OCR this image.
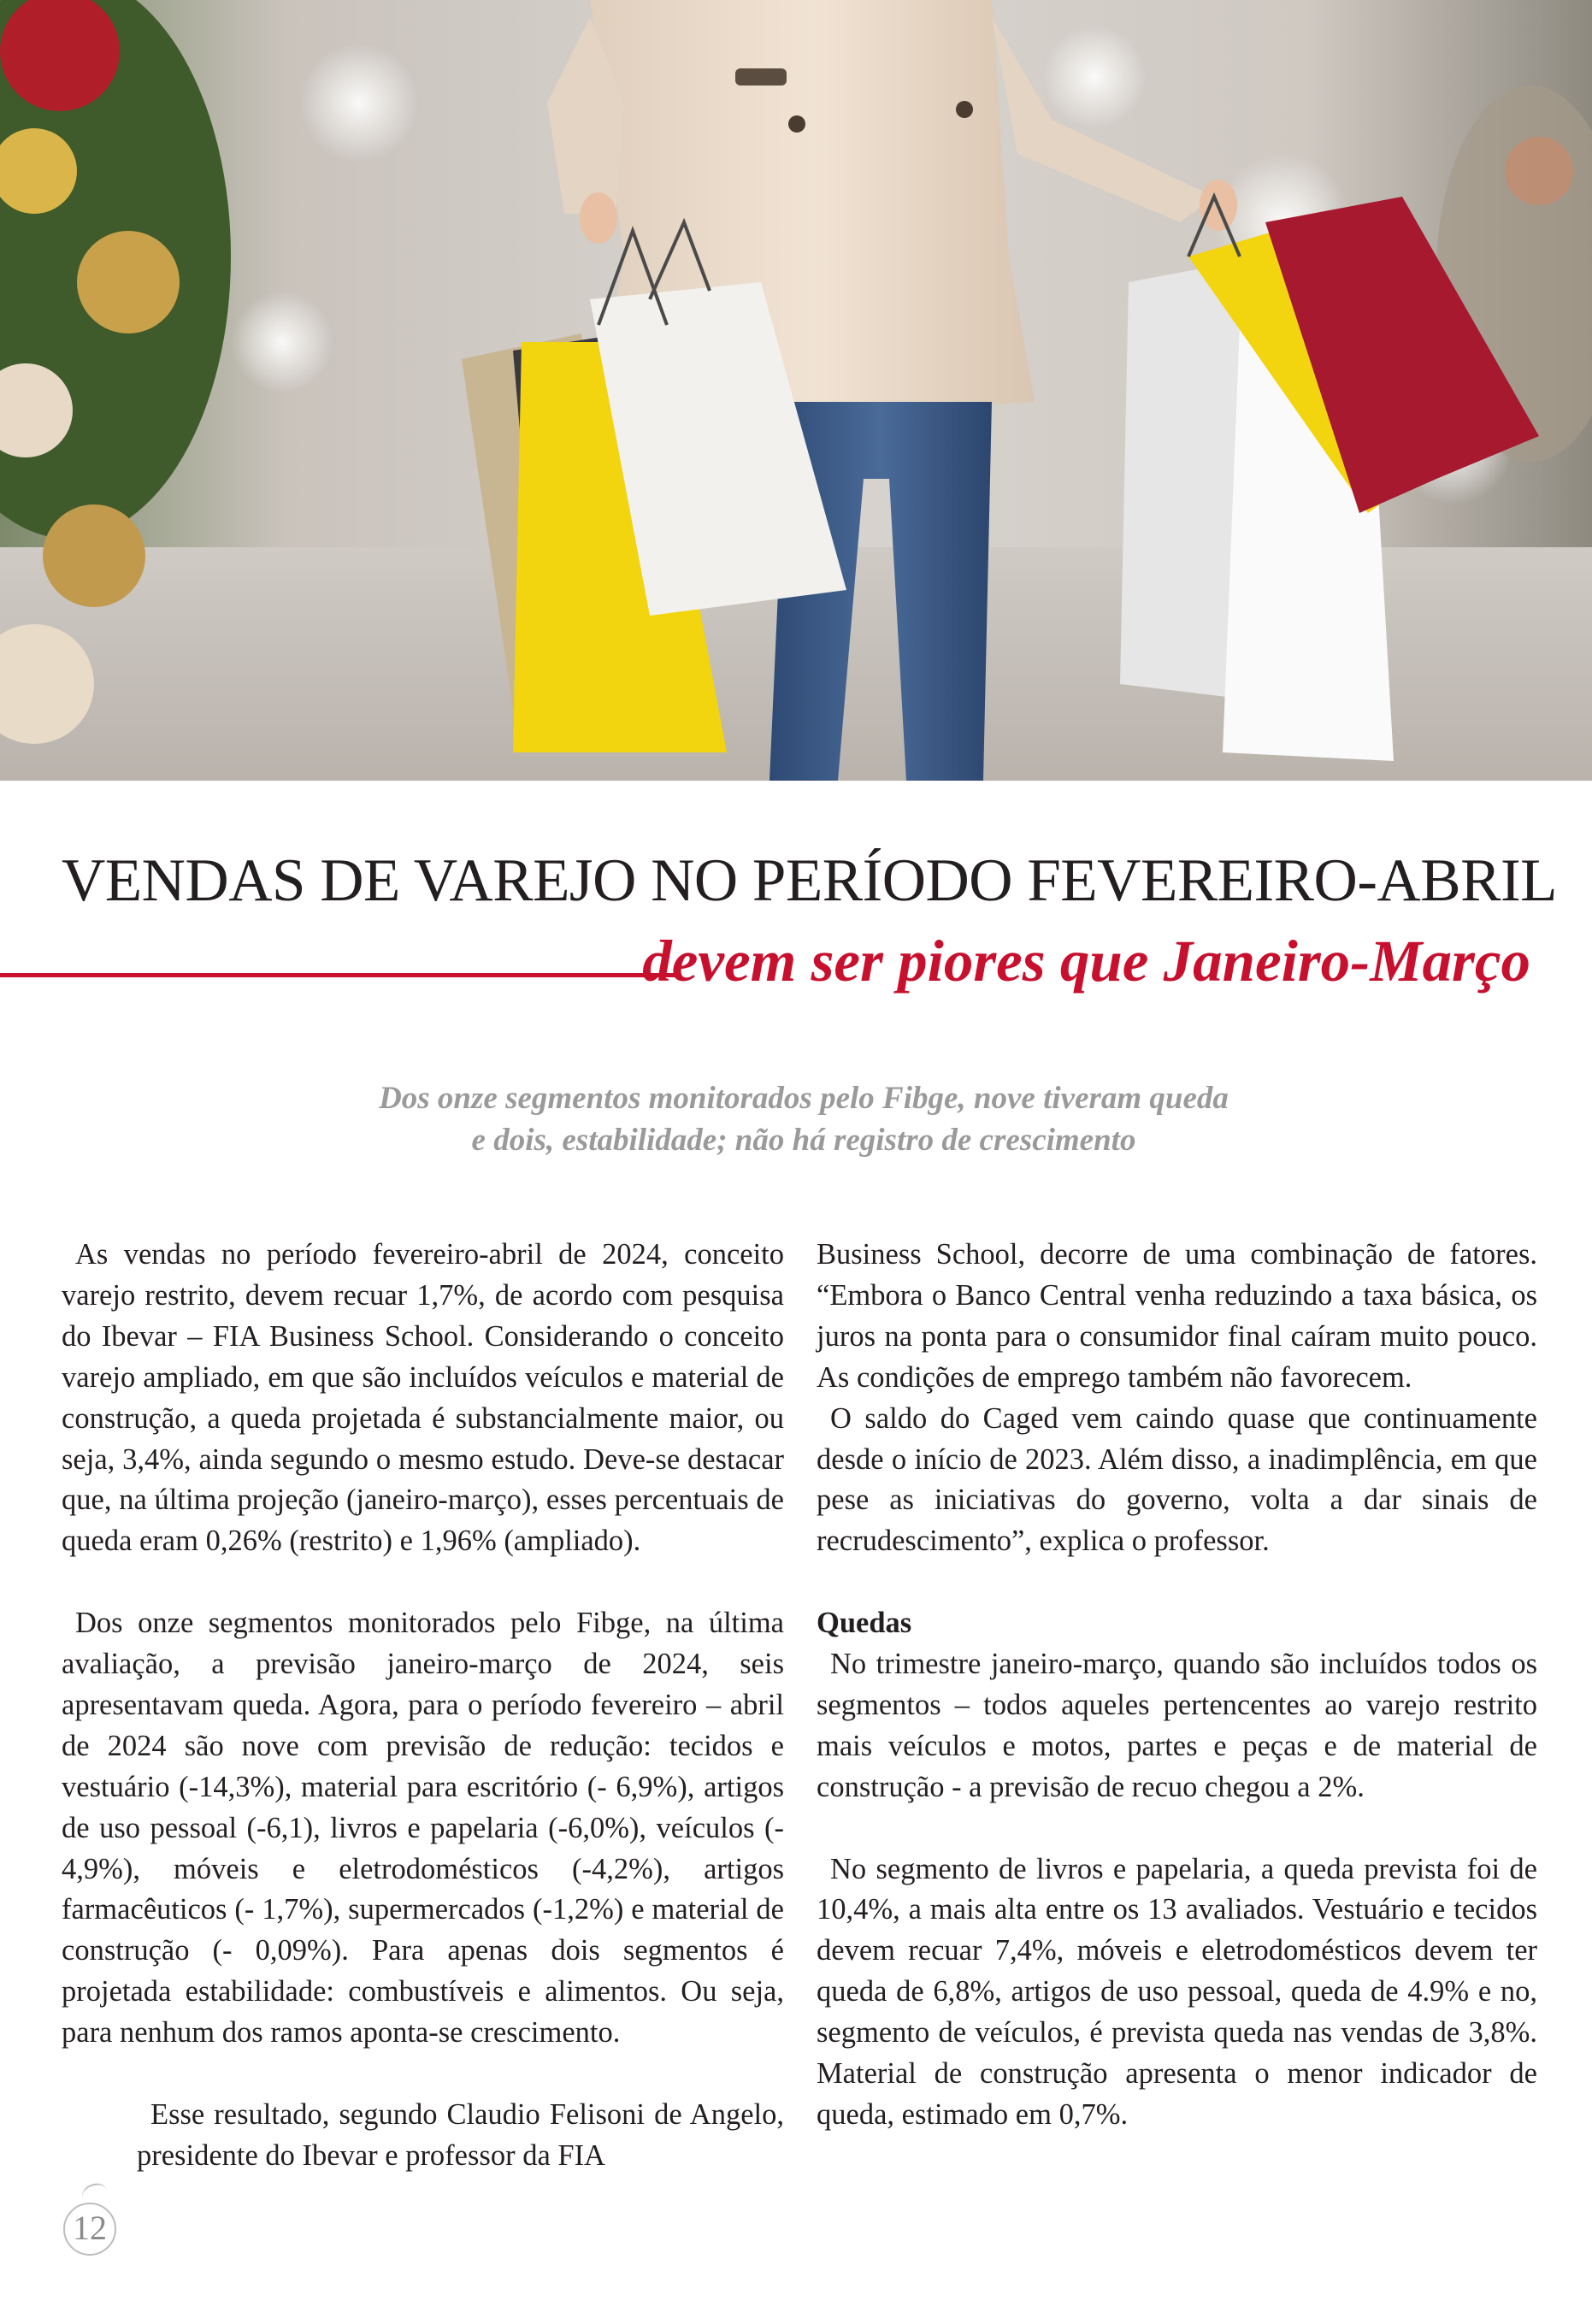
VENDAS DE VAREJO NO PERÍODO FEVEREIRO-ABRIL
devem ser piores que Janeiro-Março

Dos onze segmentos monitorados pelo Fibge, nove tiveram queda
e dois, estabilidade; não há registro de crescimento

As vendas no período fevereiro-abril de 2024, conceito varejo restrito, devem recuar 1,7%, de acordo com pesquisa do Ibevar – FIA Business School. Considerando o conceito varejo ampliado, em que são incluídos veículos e material de construção, a queda projetada é substancialmente maior, ou seja, 3,4%, ainda segundo o mesmo estudo. Deve-se destacar que, na última projeção (janeiro-março), esses percentuais de queda eram 0,26% (restrito) e 1,96% (ampliado).

Dos onze segmentos monitorados pelo Fibge, na última avaliação, a previsão janeiro-março de 2024, seis apresentavam queda. Agora, para o período fevereiro – abril de 2024 são nove com previsão de redução: tecidos e vestuário (-14,3%), material para escritório (- 6,9%), artigos de uso pessoal (-6,1), livros e papelaria (-6,0%), veículos (- 4,9%), móveis e eletrodomésticos (-4,2%), artigos farmacêuticos (- 1,7%), supermercados (-1,2%) e material de construção (- 0,09%). Para apenas dois segmentos é projetada estabilidade: combustíveis e alimentos. Ou seja, para nenhum dos ramos aponta-se crescimento.

Esse resultado, segundo Claudio Felisoni de Angelo, presidente do Ibevar e professor da FIA

Business School, decorre de uma combinação de fatores. “Embora o Banco Central venha reduzindo a taxa básica, os juros na ponta para o consumidor final caíram muito pouco. As condições de emprego também não favorecem.

O saldo do Caged vem caindo quase que continuamente desde o início de 2023. Além disso, a inadimplência, em que pese as iniciativas do governo, volta a dar sinais de recrudescimento”, explica o professor.

Quedas

No trimestre janeiro-março, quando são incluídos todos os segmentos – todos aqueles pertencentes ao varejo restrito mais veículos e motos, partes e peças e de material de construção - a previsão de recuo chegou a 2%.

No segmento de livros e papelaria, a queda prevista foi de 10,4%, a mais alta entre os 13 avaliados. Vestuário e tecidos devem recuar 7,4%, móveis e eletrodomésticos devem ter queda de 6,8%, artigos de uso pessoal, queda de 4.9% e no, segmento de veículos, é prevista queda nas vendas de 3,8%. Material de construção apresenta o menor indicador de queda, estimado em 0,7%.

12
